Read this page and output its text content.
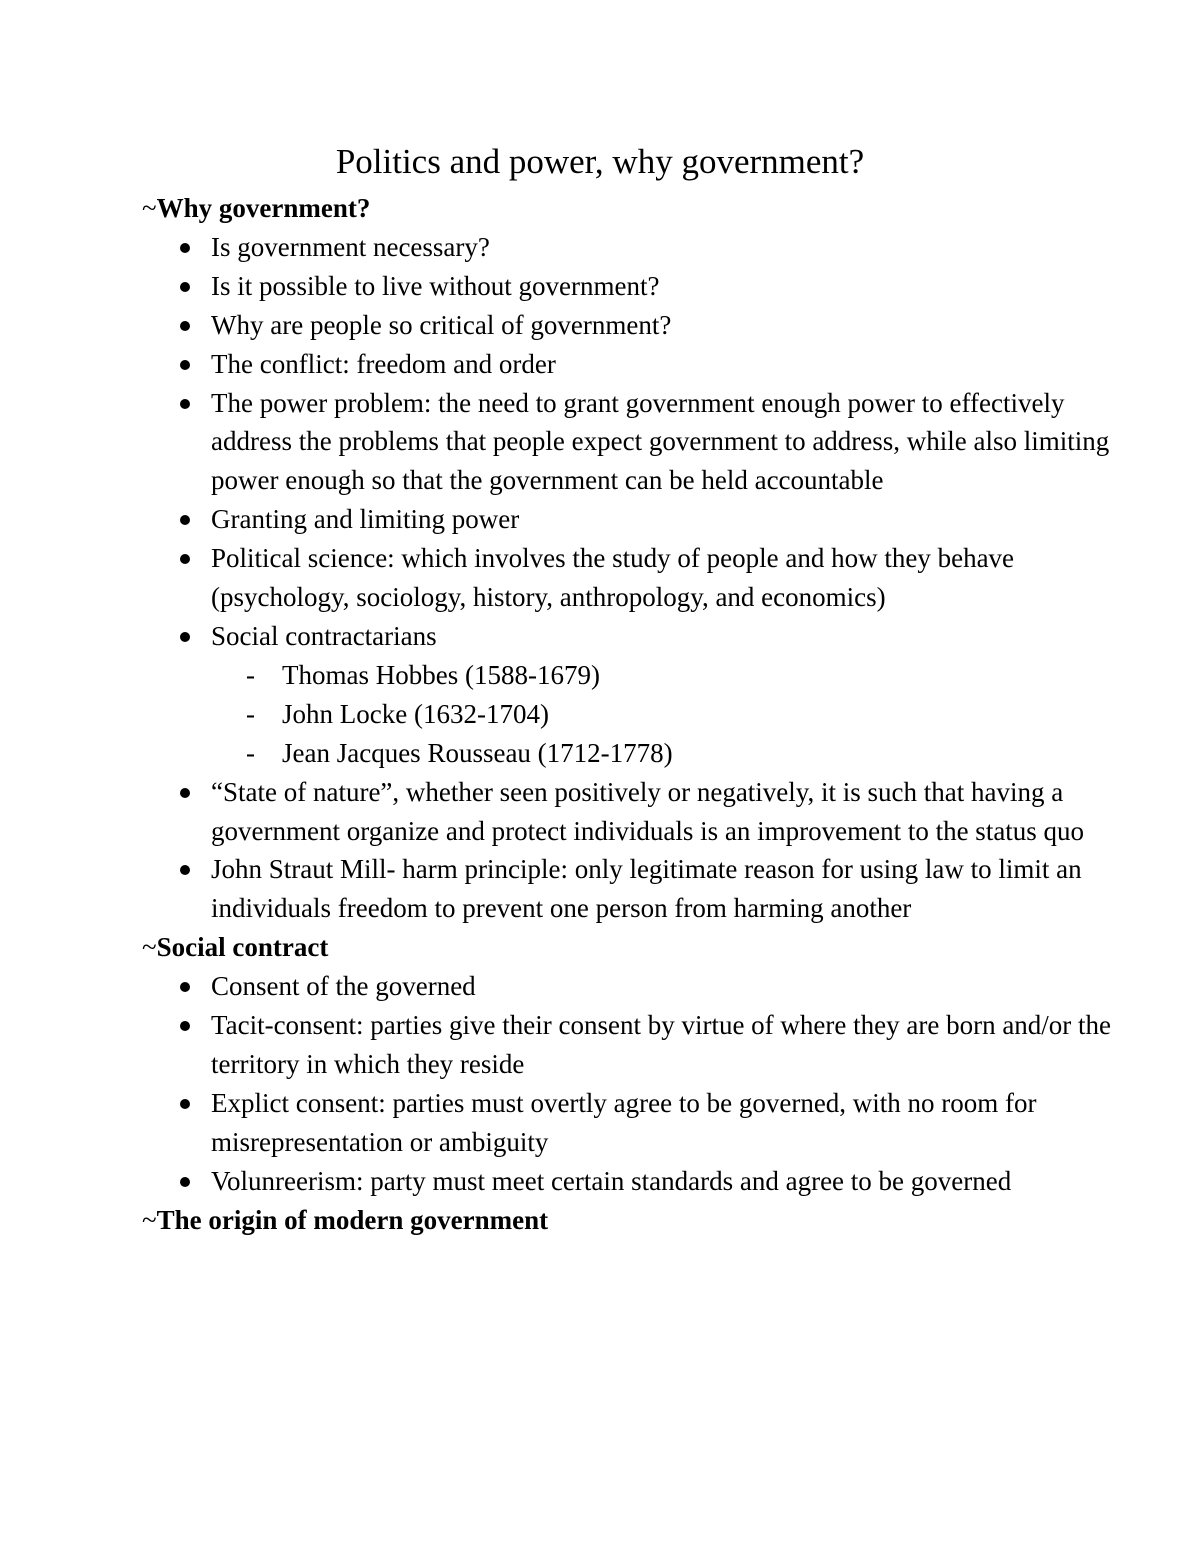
Politics and power, why government?

~Why government?

Is government necessary?
Is it possible to live without government?
Why are people so critical of government?
The conflict: freedom and order
The power problem: the need to grant government enough power to effectively address the problems that people expect government to address, while also limiting power enough so that the government can be held accountable
Granting and limiting power
Political science: which involves the study of people and how they behave (psychology, sociology, history, anthropology, and economics)
Social contractarians
- Thomas Hobbes (1588-1679)
- John Locke (1632-1704)
- Jean Jacques Rousseau (1712-1778)
“State of nature”, whether seen positively or negatively, it is such that having a government organize and protect individuals is an improvement to the status quo
John Straut Mill- harm principle: only legitimate reason for using law to limit an individuals freedom to prevent one person from harming another

~Social contract

Consent of the governed
Tacit-consent: parties give their consent by virtue of where they are born and/or the territory in which they reside
Explict consent: parties must overtly agree to be governed, with no room for misrepresentation or ambiguity
Volunreerism: party must meet certain standards and agree to be governed

~The origin of modern government
